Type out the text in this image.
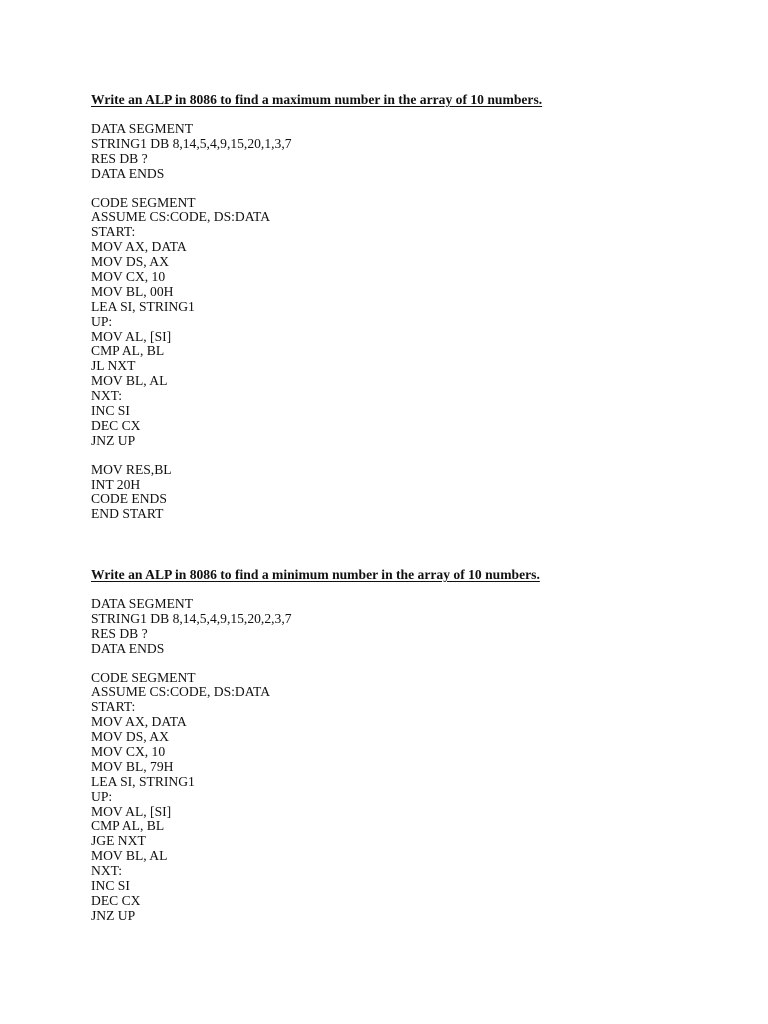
Write an ALP in 8086 to find a maximum number in the array of 10 numbers.

DATA SEGMENT

STRING1 DB 8,14,5,4,9,15,20,1,3,7

RES DB ?

DATA ENDS

CODE SEGMENT

ASSUME CS:CODE, DS:DATA

START:

MOV AX, DATA

MOV DS, AX

MOV CX, 10

MOV BL, 00H

LEA SI, STRING1

UP:

MOV AL, [SI]

CMP AL, BL

JL NXT

MOV BL, AL

NXT:

INC SI

DEC CX

JNZ UP

MOV RES,BL

INT 20H

CODE ENDS

END START

Write an ALP in 8086 to find a minimum number in the array of 10 numbers.

DATA SEGMENT

STRING1 DB 8,14,5,4,9,15,20,2,3,7

RES DB ?

DATA ENDS

CODE SEGMENT

ASSUME CS:CODE, DS:DATA

START:

MOV AX, DATA

MOV DS, AX

MOV CX, 10

MOV BL, 79H

LEA SI, STRING1

UP:

MOV AL, [SI]

CMP AL, BL

JGE NXT

MOV BL, AL

NXT:

INC SI

DEC CX

JNZ UP
